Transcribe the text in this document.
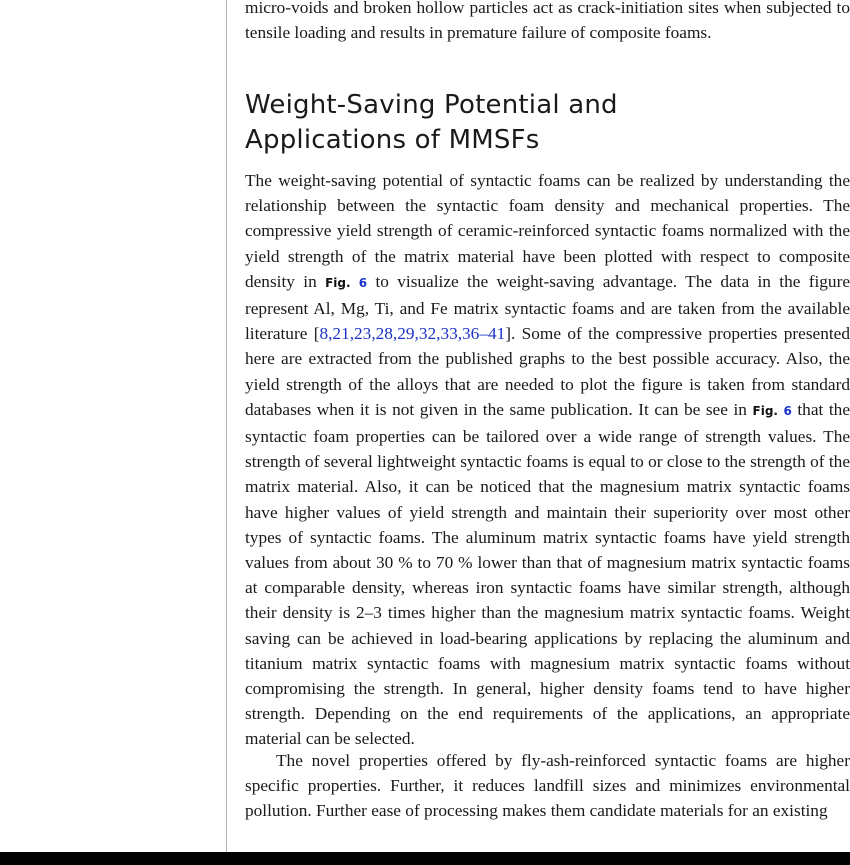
micro-voids and broken hollow particles act as crack-initiation sites when subjected to tensile loading and results in premature failure of composite foams.

Weight-Saving Potential and
Applications of MMSFs

The weight-saving potential of syntactic foams can be realized by understanding the relationship between the syntactic foam density and mechanical properties. The compressive yield strength of ceramic-reinforced syntactic foams normalized with the yield strength of the matrix material have been plotted with respect to composite density in Fig. 6 to visualize the weight-saving advantage. The data in the figure represent Al, Mg, Ti, and Fe matrix syntactic foams and are taken from the available literature [8,21,23,28,29,32,33,36–41]. Some of the compressive properties presented here are extracted from the published graphs to the best possible accuracy. Also, the yield strength of the alloys that are needed to plot the figure is taken from standard databases when it is not given in the same publication. It can be see in Fig. 6 that the syntactic foam properties can be tailored over a wide range of strength values. The strength of several lightweight syntactic foams is equal to or close to the strength of the matrix material. Also, it can be noticed that the magnesium matrix syntactic foams have higher values of yield strength and maintain their superiority over most other types of syntactic foams. The aluminum matrix syntactic foams have yield strength values from about 30 % to 70 % lower than that of magnesium matrix syntactic foams at comparable density, whereas iron syntactic foams have similar strength, although their density is 2–3 times higher than the magnesium matrix syntactic foams. Weight saving can be achieved in load-bearing applications by replacing the aluminum and titanium matrix syntactic foams with magnesium matrix syntactic foams without compromising the strength. In general, higher density foams tend to have higher strength. Depending on the end requirements of the applications, an appropriate material can be selected.

The novel properties offered by fly-ash-reinforced syntactic foams are higher specific properties. Further, it reduces landfill sizes and minimizes environmental pollution. Further ease of processing makes them candidate materials for an existing
